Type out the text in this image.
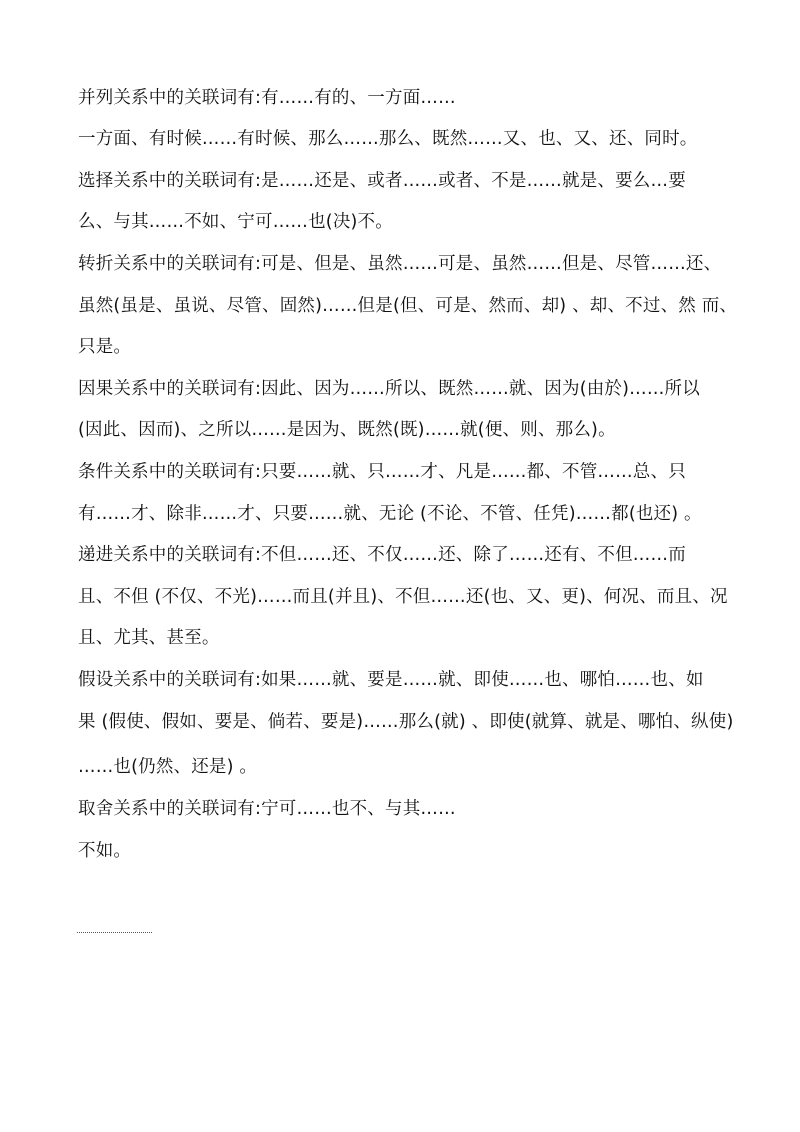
并列关系中的关联词有:有……有的、一方面……
一方面、有时候……有时候、那么……那么、既然……又、也、又、还、同时。
选择关系中的关联词有:是……还是、或者……或者、不是……就是、要么…要
么、与其……不如、宁可……也(决)不。
转折关系中的关联词有:可是、但是、虽然……可是、虽然……但是、尽管……还、
虽然(虽是、虽说、尽管、固然)……但是(但、可是、然而、却) 、却、不过、然 而、
只是。
因果关系中的关联词有:因此、因为……所以、既然……就、因为(由於)……所以
(因此、因而)、之所以……是因为、既然(既)……就(便、则、那么)。
条件关系中的关联词有:只要……就、只……才、凡是……都、不管……总、只
有……才、除非……才、只要……就、无论 (不论、不管、任凭)……都(也还) 。
递进关系中的关联词有:不但……还、不仅……还、除了……还有、不但……而
且、不但 (不仅、不光)……而且(并且)、不但……还(也、又、更)、何况、而且、况
且、尤其、甚至。
假设关系中的关联词有:如果……就、要是……就、即使……也、哪怕……也、如
果 (假使、假如、要是、倘若、要是)……那么(就) 、即使(就算、就是、哪怕、纵使)
……也(仍然、还是) 。
取舍关系中的关联词有:宁可……也不、与其……
不如。
